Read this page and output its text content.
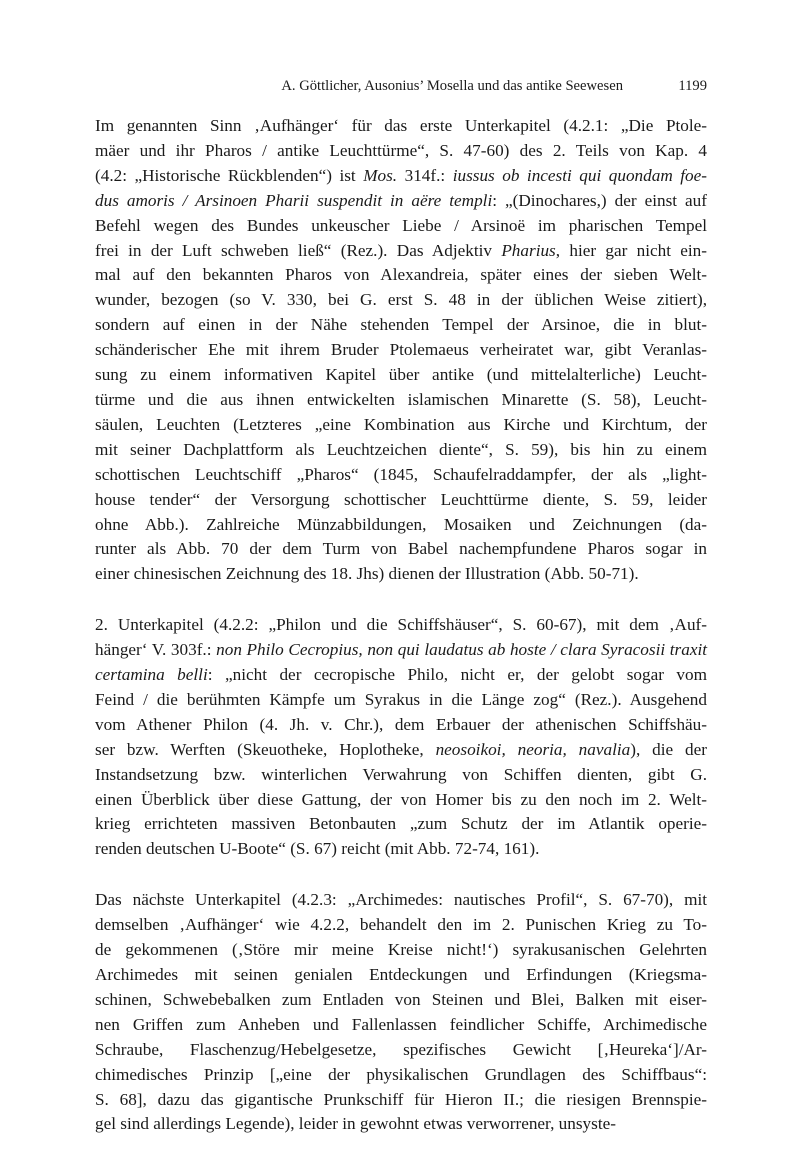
A. Göttlicher, Ausonius’ Mosella und das antike Seewesen	1199

Im genannten Sinn ‚Aufhänger‘ für das erste Unterkapitel (4.2.1: „Die Ptole-
mäer und ihr Pharos / antike Leuchttürme“, S. 47-60) des 2. Teils von Kap. 4
(4.2: „Historische Rückblenden“) ist Mos. 314f.: iussus ob incesti qui quondam foe-
dus amoris / Arsinoen Pharii suspendit in aëre templi: „(Dinochares,) der einst auf
Befehl wegen des Bundes unkeuscher Liebe / Arsinoë im pharischen Tempel
frei in der Luft schweben ließ“ (Rez.). Das Adjektiv Pharius, hier gar nicht ein-
mal auf den bekannten Pharos von Alexandreia, später eines der sieben Welt-
wunder, bezogen (so V. 330, bei G. erst S. 48 in der üblichen Weise zitiert),
sondern auf einen in der Nähe stehenden Tempel der Arsinoe, die in blut-
schänderischer Ehe mit ihrem Bruder Ptolemaeus verheiratet war, gibt Veranlas-
sung zu einem informativen Kapitel über antike (und mittelalterliche) Leucht-
türme und die aus ihnen entwickelten islamischen Minarette (S. 58), Leucht-
säulen, Leuchten (Letzteres „eine Kombination aus Kirche und Kirchtum, der
mit seiner Dachplattform als Leuchtzeichen diente“, S. 59), bis hin zu einem
schottischen Leuchtschiff „Pharos“ (1845, Schaufelraddampfer, der als „light-
house tender“ der Versorgung schottischer Leuchttürme diente, S. 59, leider
ohne Abb.). Zahlreiche Münzabbildungen, Mosaiken und Zeichnungen (da-
runter als Abb. 70 der dem Turm von Babel nachempfundene Pharos sogar in
einer chinesischen Zeichnung des 18. Jhs) dienen der Illustration (Abb. 50-71).

2. Unterkapitel (4.2.2: „Philon und die Schiffshäuser“, S. 60-67), mit dem ‚Auf-
hänger‘ V. 303f.: non Philo Cecropius, non qui laudatus ab hoste / clara Syracosii traxit
certamina belli: „nicht der cecropische Philo, nicht er, der gelobt sogar vom
Feind / die berühmten Kämpfe um Syrakus in die Länge zog“ (Rez.). Ausgehend
vom Athener Philon (4. Jh. v. Chr.), dem Erbauer der athenischen Schiffshäu-
ser bzw. Werften (Skeuotheke, Hoplotheke, neosoikoi, neoria, navalia), die der
Instandsetzung bzw. winterlichen Verwahrung von Schiffen dienten, gibt G.
einen Überblick über diese Gattung, der von Homer bis zu den noch im 2. Welt-
krieg errichteten massiven Betonbauten „zum Schutz der im Atlantik operie-
renden deutschen U-Boote“ (S. 67) reicht (mit Abb. 72-74, 161).

Das nächste Unterkapitel (4.2.3: „Archimedes: nautisches Profil“, S. 67-70), mit
demselben ‚Aufhänger‘ wie 4.2.2, behandelt den im 2. Punischen Krieg zu To-
de gekommenen (‚Störe mir meine Kreise nicht!‘) syrakusanischen Gelehrten
Archimedes mit seinen genialen Entdeckungen und Erfindungen (Kriegsma-
schinen, Schwebebalken zum Entladen von Steinen und Blei, Balken mit eiser-
nen Griffen zum Anheben und Fallenlassen feindlicher Schiffe, Archimedische
Schraube, Flaschenzug/Hebelgesetze, spezifisches Gewicht [‚Heureka‘]/Ar-
chimedisches Prinzip [„eine der physikalischen Grundlagen des Schiffbaus“:
S. 68], dazu das gigantische Prunkschiff für Hieron II.; die riesigen Brennspie-
gel sind allerdings Legende), leider in gewohnt etwas verworrener, unsyste-
